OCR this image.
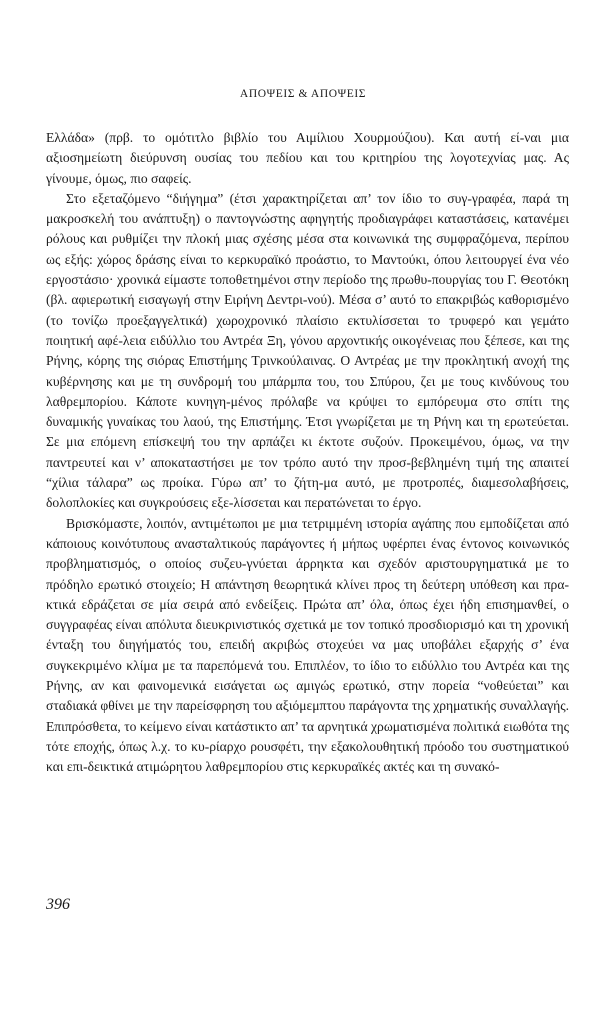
ΑΠΟΨΕΙΣ & ΑΠΟΨΕΙΣ

Ελλάδα» (πρβ. το ομότιτλο βιβλίο του Αιμίλιου Χουρμούζιου). Και αυτή εί-ναι μια αξιοσημείωτη διεύρυνση ουσίας του πεδίου και του κριτηρίου της λογοτεχνίας μας. Ας γίνουμε, όμως, πιο σαφείς.

Στο εξεταζόμενο “διήγημα” (έτσι χαρακτηρίζεται απ’ τον ίδιο το συγ-γραφέα, παρά τη μακροσκελή του ανάπτυξη) ο παντογνώστης αφηγητής προδιαγράφει καταστάσεις, κατανέμει ρόλους και ρυθμίζει την πλοκή μιας σχέσης μέσα στα κοινωνικά της συμφραζόμενα, περίπου ως εξής: χώρος δράσης είναι το κερκυραϊκό προάστιο, το Μαντούκι, όπου λειτουργεί ένα νέο εργοστάσιο· χρονικά είμαστε τοποθετημένοι στην περίοδο της πρωθυ-πουργίας του Γ. Θεοτόκη (βλ. αφιερωτική εισαγωγή στην Ειρήνη Δεντρι-νού). Μέσα σ’ αυτό το επακριβώς καθορισμένο (το τονίζω προεξαγγελτικά) χωροχρονικό πλαίσιο εκτυλίσσεται το τρυφερό και γεμάτο ποιητική αφέ-λεια ειδύλλιο του Αντρέα Ξη, γόνου αρχοντικής οικογένειας που ξέπεσε, και της Ρήνης, κόρης της σιόρας Επιστήμης Τρινκούλαινας. Ο Αντρέας με την προκλητική ανοχή της κυβέρνησης και με τη συνδρομή του μπάρμπα του, του Σπύρου, ζει με τους κινδύνους του λαθρεμπορίου. Κάποτε κυνηγη-μένος πρόλαβε να κρύψει το εμπόρευμα στο σπίτι της δυναμικής γυναίκας του λαού, της Επιστήμης. Έτσι γνωρίζεται με τη Ρήνη και τη ερωτεύεται. Σε μια επόμενη επίσκεψή του την αρπάζει κι έκτοτε συζούν. Προκειμένου, όμως, να την παντρευτεί και ν’ αποκαταστήσει με τον τρόπο αυτό την προσ-βεβλημένη τιμή της απαιτεί “χίλια τάλαρα” ως προίκα. Γύρω απ’ το ζήτη-μα αυτό, με προτροπές, διαμεσολαβήσεις, δολοπλοκίες και συγκρούσεις εξε-λίσσεται και περατώνεται το έργο.

Βρισκόμαστε, λοιπόν, αντιμέτωποι με μια τετριμμένη ιστορία αγάπης που εμποδίζεται από κάποιους κοινότυπους ανασταλτικούς παράγοντες ή μήπως υφέρπει ένας έντονος κοινωνικός προβληματισμός, ο οποίος συζευ-γνύεται άρρηκτα και σχεδόν αριστουργηματικά με το πρόδηλο ερωτικό στοιχείο; Η απάντηση θεωρητικά κλίνει προς τη δεύτερη υπόθεση και πρα-κτικά εδράζεται σε μία σειρά από ενδείξεις. Πρώτα απ’ όλα, όπως έχει ήδη επισημανθεί, ο συγγραφέας είναι απόλυτα διευκρινιστικός σχετικά με τον τοπικό προσδιορισμό και τη χρονική ένταξη του διηγήματός του, επειδή ακριβώς στοχεύει να μας υποβάλει εξαρχής σ’ ένα συγκεκριμένο κλίμα με τα παρεπόμενά του. Επιπλέον, το ίδιο το ειδύλλιο του Αντρέα και της Ρήνης, αν και φαινομενικά εισάγεται ως αμιγώς ερωτικό, στην πορεία “νοθεύεται” και σταδιακά φθίνει με την παρείσφρηση του αξιόμεμπτου παράγοντα της χρηματικής συναλλαγής. Επιπρόσθετα, το κείμενο είναι κατάστικτο απ’ τα αρνητικά χρωματισμένα πολιτικά ειωθότα της τότε εποχής, όπως λ.χ. το κυ-ρίαρχο ρουσφέτι, την εξακολουθητική πρόοδο του συστηματικού και επι-δεικτικά ατιμώρητου λαθρεμπορίου στις κερκυραϊκές ακτές και τη συνακό-

396
